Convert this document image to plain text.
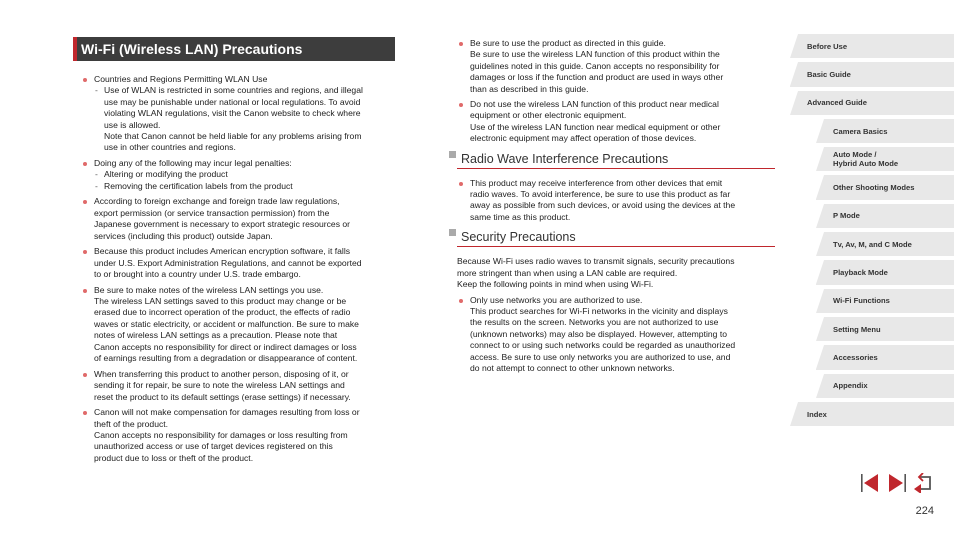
Wi-Fi (Wireless LAN) Precautions
Countries and Regions Permitting WLAN Use
- Use of WLAN is restricted in some countries and regions, and illegal
use may be punishable under national or local regulations. To avoid
violating WLAN regulations, visit the Canon website to check where
use is allowed.
Note that Canon cannot be held liable for any problems arising from
use in other countries and regions.
Doing any of the following may incur legal penalties:
- Altering or modifying the product
- Removing the certification labels from the product
According to foreign exchange and foreign trade law regulations,
export permission (or service transaction permission) from the
Japanese government is necessary to export strategic resources or
services (including this product) outside Japan.
Because this product includes American encryption software, it falls
under U.S. Export Administration Regulations, and cannot be exported
to or brought into a country under U.S. trade embargo.
Be sure to make notes of the wireless LAN settings you use.
The wireless LAN settings saved to this product may change or be
erased due to incorrect operation of the product, the effects of radio
waves or static electricity, or accident or malfunction. Be sure to make
notes of wireless LAN settings as a precaution. Please note that
Canon accepts no responsibility for direct or indirect damages or loss
of earnings resulting from a degradation or disappearance of content.
When transferring this product to another person, disposing of it, or
sending it for repair, be sure to note the wireless LAN settings and
reset the product to its default settings (erase settings) if necessary.
Canon will not make compensation for damages resulting from loss or
theft of the product.
Canon accepts no responsibility for damages or loss resulting from
unauthorized access or use of target devices registered on this
product due to loss or theft of the product.
Be sure to use the product as directed in this guide.
Be sure to use the wireless LAN function of this product within the
guidelines noted in this guide. Canon accepts no responsibility for
damages or loss if the function and product are used in ways other
than as described in this guide.
Do not use the wireless LAN function of this product near medical
equipment or other electronic equipment.
Use of the wireless LAN function near medical equipment or other
electronic equipment may affect operation of those devices.
Radio Wave Interference Precautions
This product may receive interference from other devices that emit
radio waves. To avoid interference, be sure to use this product as far
away as possible from such devices, or avoid using the devices at the
same time as this product.
Security Precautions
Because Wi-Fi uses radio waves to transmit signals, security precautions
more stringent than when using a LAN cable are required.
Keep the following points in mind when using Wi-Fi.
Only use networks you are authorized to use.
This product searches for Wi-Fi networks in the vicinity and displays
the results on the screen. Networks you are not authorized to use
(unknown networks) may also be displayed. However, attempting to
connect to or using such networks could be regarded as unauthorized
access. Be sure to use only networks you are authorized to use, and
do not attempt to connect to other unknown networks.
Before Use
Basic Guide
Advanced Guide
Camera Basics
Auto Mode /
Hybrid Auto Mode
Other Shooting Modes
P Mode
Tv, Av, M, and C Mode
Playback Mode
Wi-Fi Functions
Setting Menu
Accessories
Appendix
Index
224
